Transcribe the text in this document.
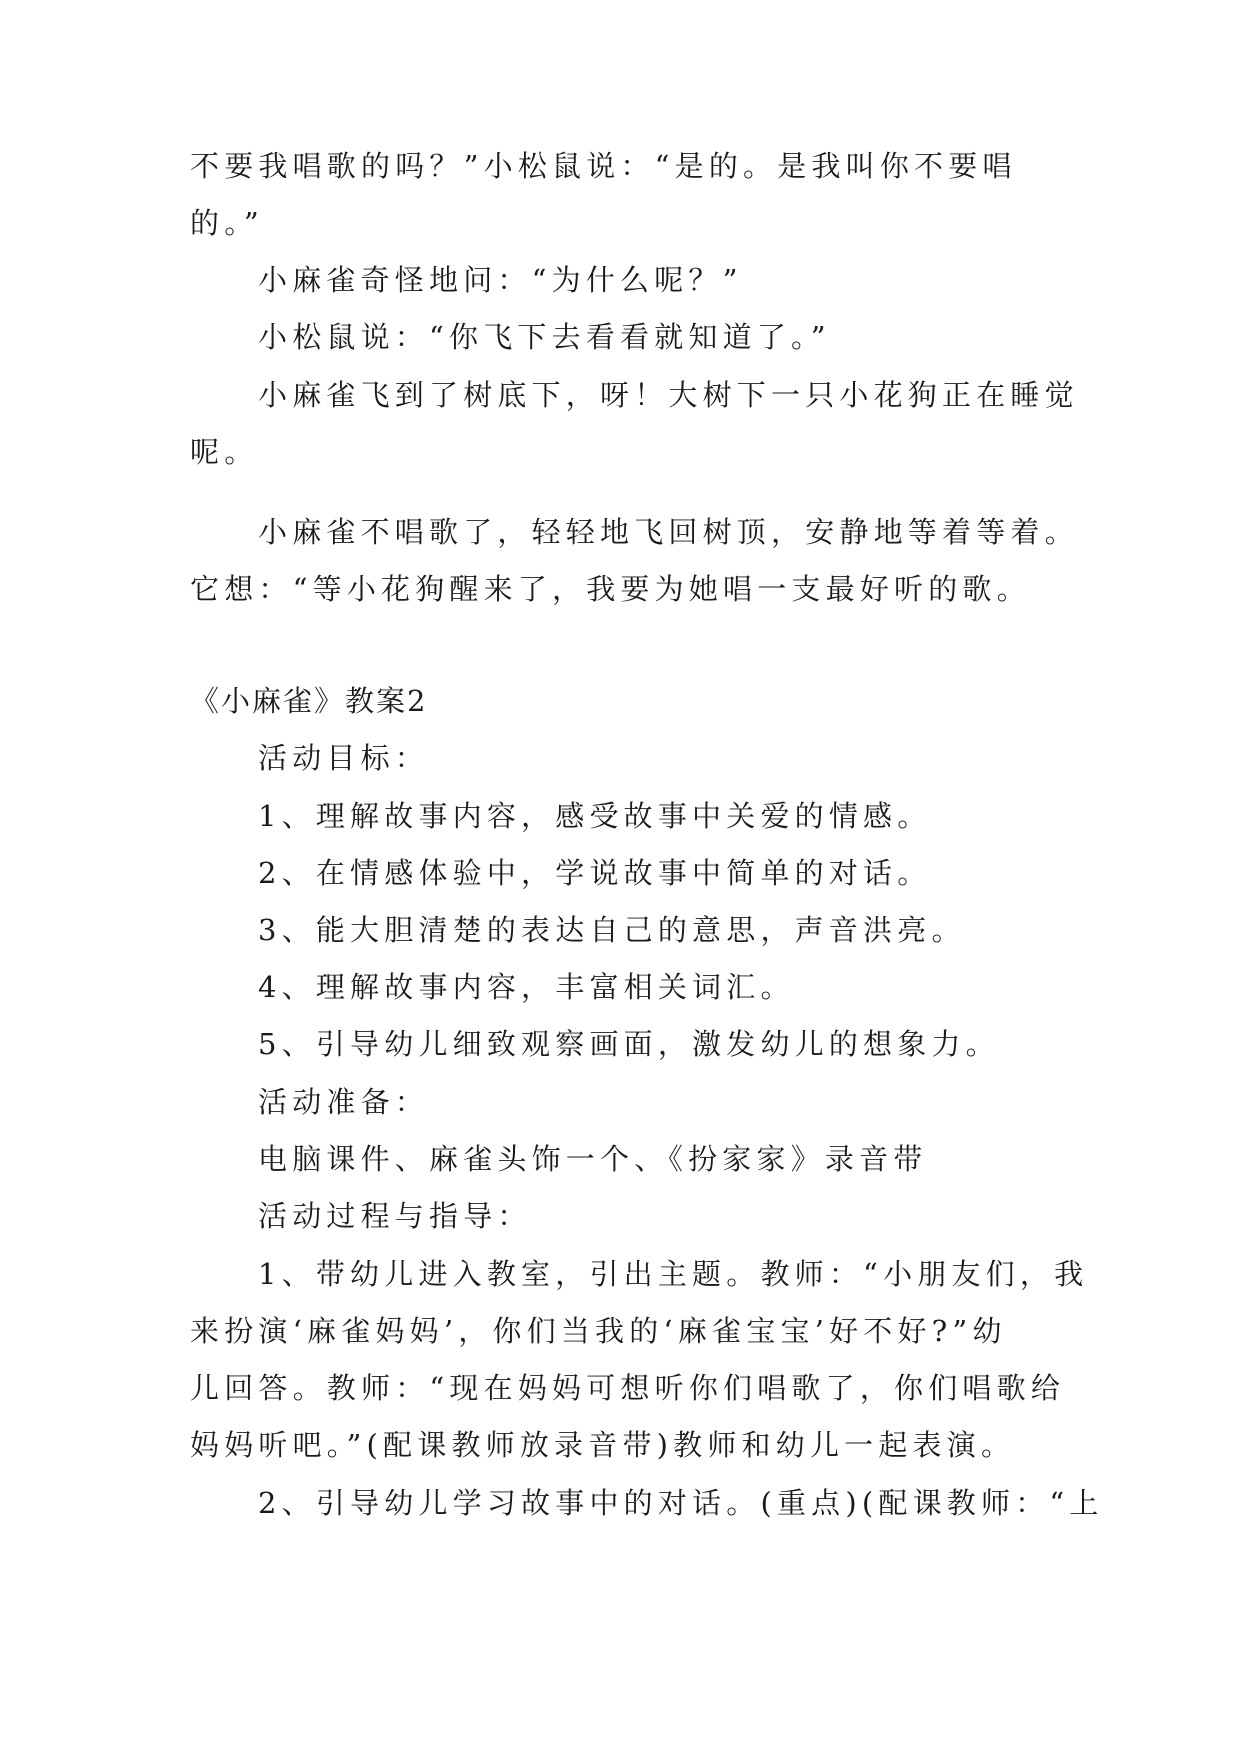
不要我唱歌的吗？”小松鼠说：“是的。是我叫你不要唱
的。”
小麻雀奇怪地问：“为什么呢？”
小松鼠说：“你飞下去看看就知道了。”
小麻雀飞到了树底下，呀！大树下一只小花狗正在睡觉
呢。
小麻雀不唱歌了，轻轻地飞回树顶，安静地等着等着。
它想：“等小花狗醒来了，我要为她唱一支最好听的歌。
《小麻雀》教案2
活动目标：
1、理解故事内容，感受故事中关爱的情感。
2、在情感体验中，学说故事中简单的对话。
3、能大胆清楚的表达自己的意思，声音洪亮。
4、理解故事内容，丰富相关词汇。
5、引导幼儿细致观察画面，激发幼儿的想象力。
活动准备：
电脑课件、麻雀头饰一个、《扮家家》录音带
活动过程与指导：
1、带幼儿进入教室，引出主题。教师：“小朋友们，我
来扮演‘麻雀妈妈’，你们当我的‘麻雀宝宝’好不好?”幼
儿回答。教师：“现在妈妈可想听你们唱歌了，你们唱歌给
妈妈听吧。”(配课教师放录音带)教师和幼儿一起表演。
2、引导幼儿学习故事中的对话。(重点)(配课教师：“上
